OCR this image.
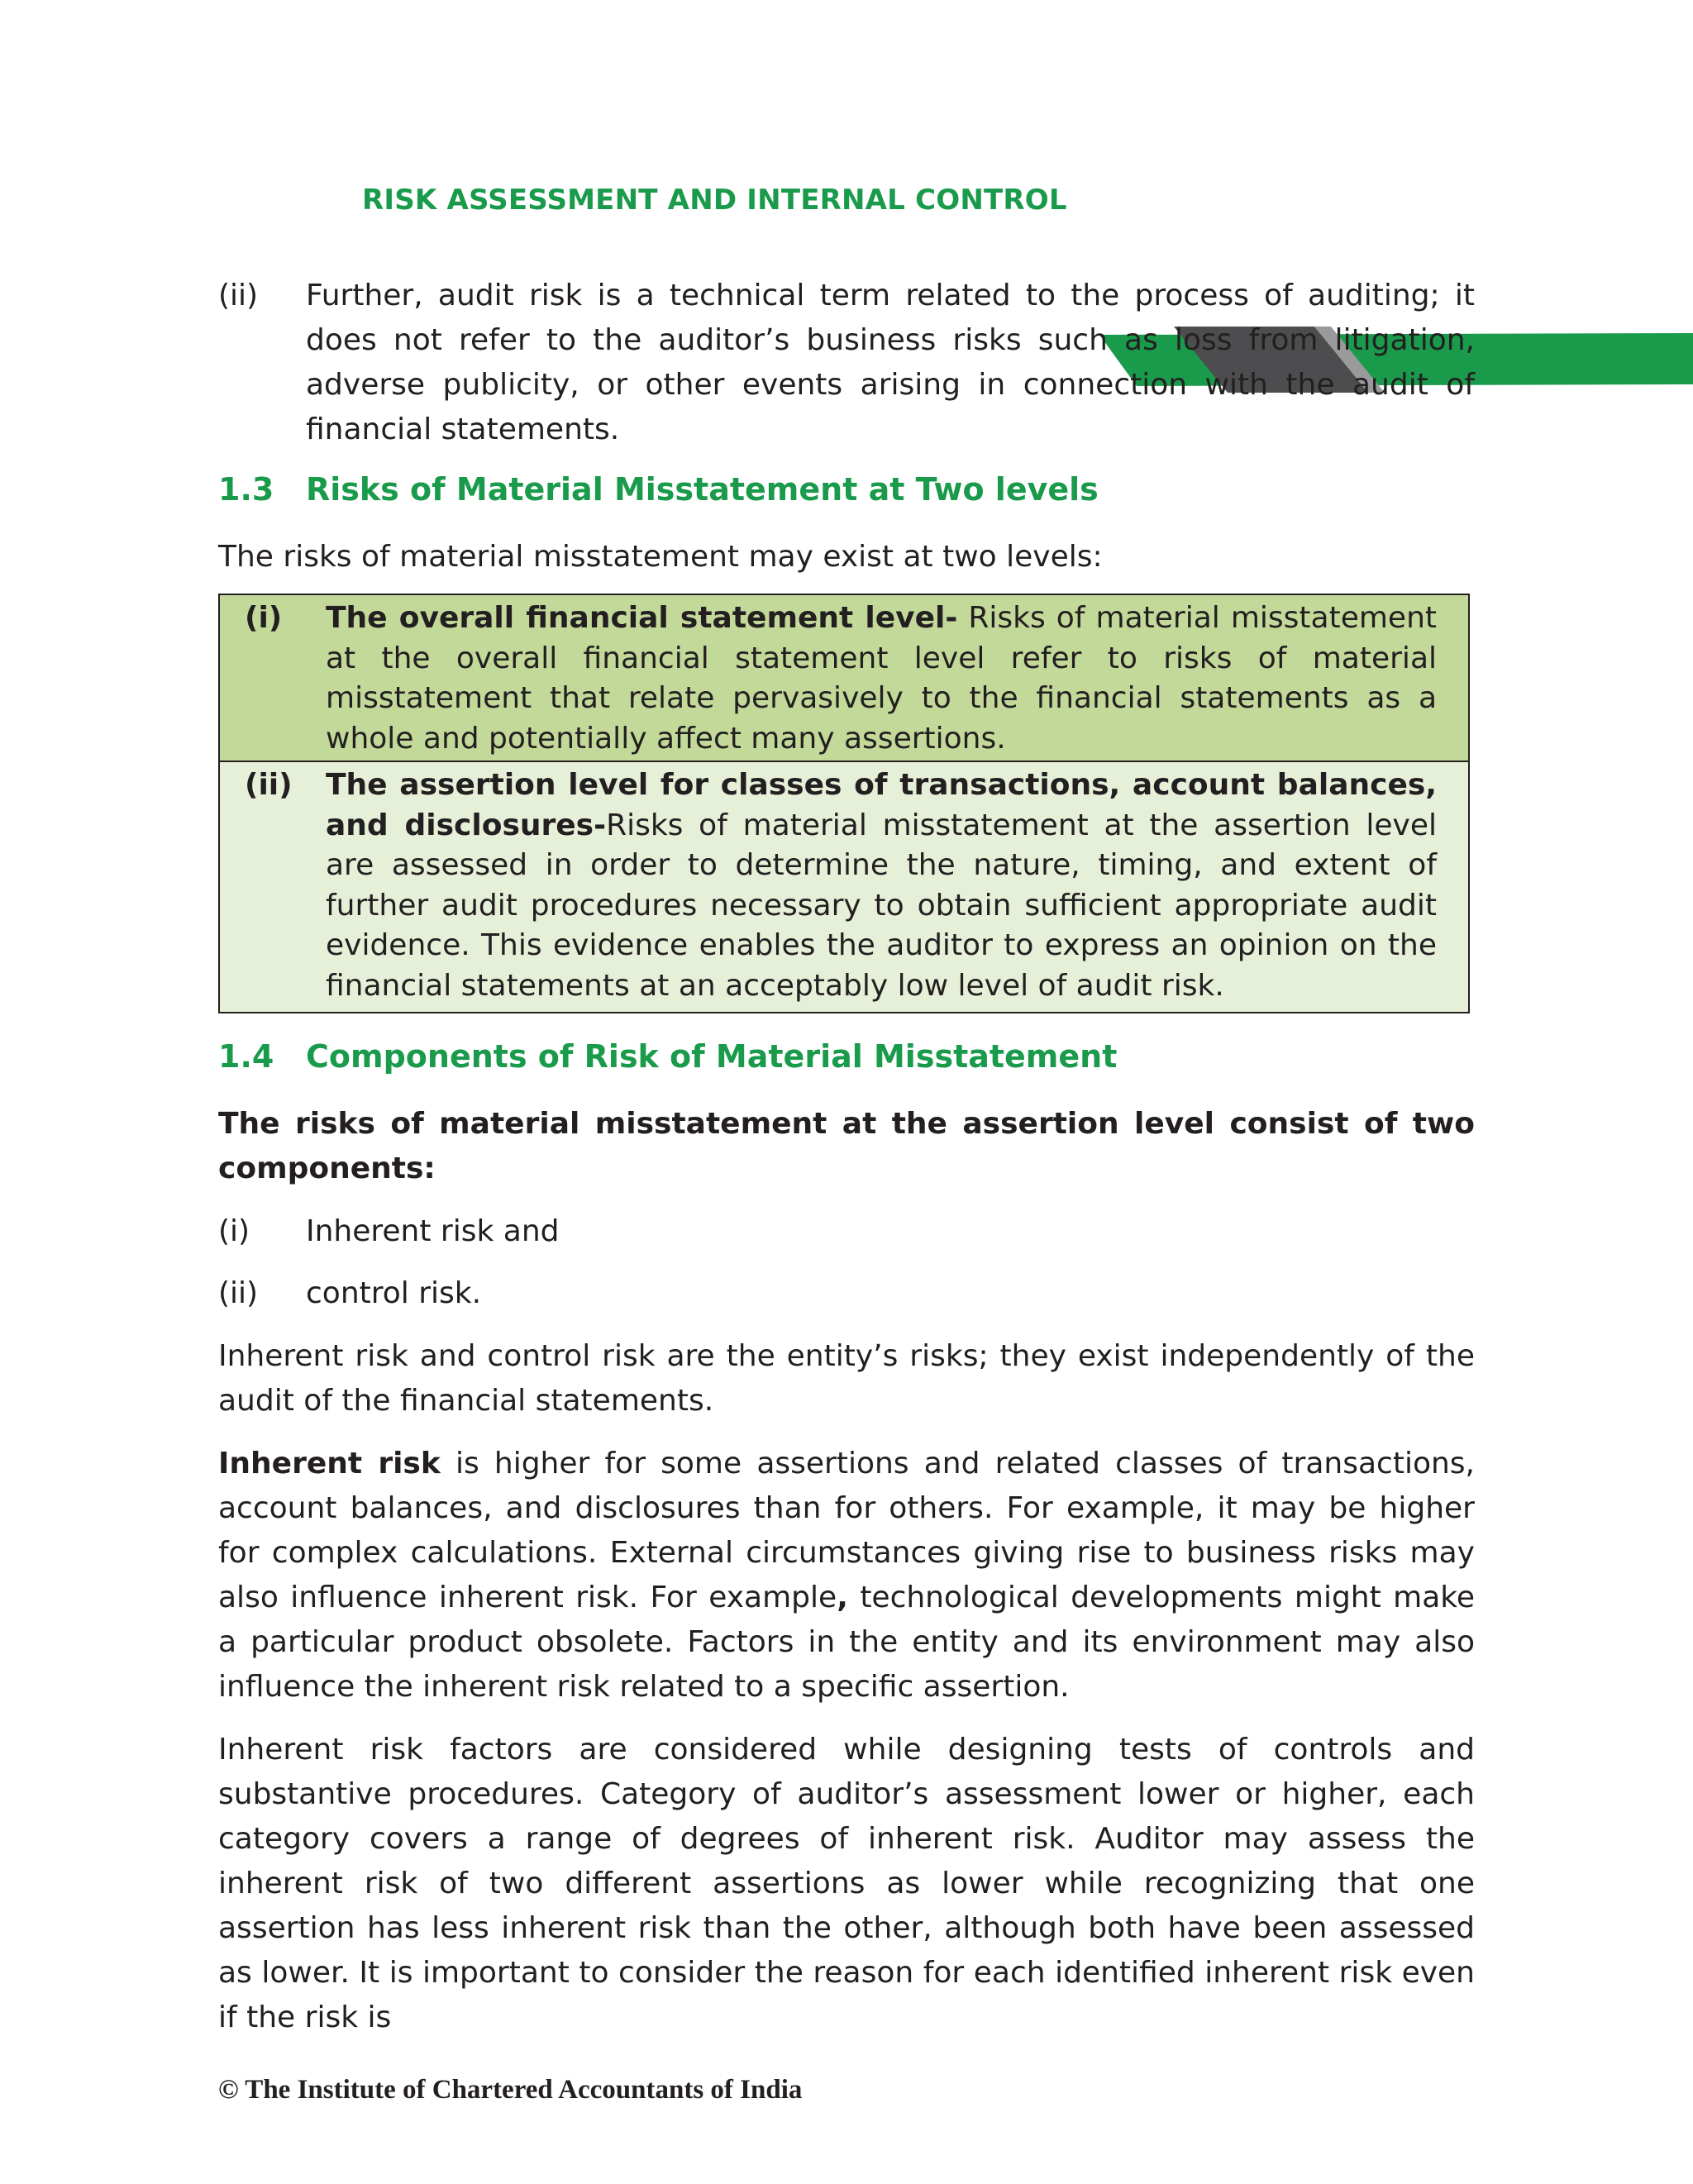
RISK ASSESSMENT AND INTERNAL CONTROL	4.3
(ii) Further, audit risk is a technical term related to the process of auditing; it does not refer to the auditor’s business risks such as loss from litigation, adverse publicity, or other events arising in connection with the audit of financial statements.
1.3 Risks of Material Misstatement at Two levels

The risks of material misstatement may exist at two levels:

(i) The overall financial statement level- Risks of material misstatement at the overall financial statement level refer to risks of material misstatement that relate pervasively to the financial statements as a whole and potentially affect many assertions.
(ii) The assertion level for classes of transactions, account balances, and disclosures-Risks of material misstatement at the assertion level are assessed in order to determine the nature, timing, and extent of further audit procedures necessary to obtain sufficient appropriate audit evidence. This evidence enables the auditor to express an opinion on the financial statements at an acceptably low level of audit risk.
1.4 Components of Risk of Material Misstatement

The risks of material misstatement at the assertion level consist of two components:

(i) Inherent risk and
(ii) control risk.

Inherent risk and control risk are the entity’s risks; they exist independently of the audit of the financial statements.

Inherent risk is higher for some assertions and related classes of transactions, account balances, and disclosures than for others. For example, it may be higher for complex calculations. External circumstances giving rise to business risks may also influence inherent risk. For example, technological developments might make a particular product obsolete. Factors in the entity and its environment may also influence the inherent risk related to a specific assertion.

Inherent risk factors are considered while designing tests of controls and substantive procedures. Category of auditor’s assessment lower or higher, each category covers a range of degrees of inherent risk. Auditor may assess the inherent risk of two different assertions as lower while recognizing that one assertion has less inherent risk than the other, although both have been assessed as lower. It is important to consider the reason for each identified inherent risk even if the risk is

© The Institute of Chartered Accountants of India
